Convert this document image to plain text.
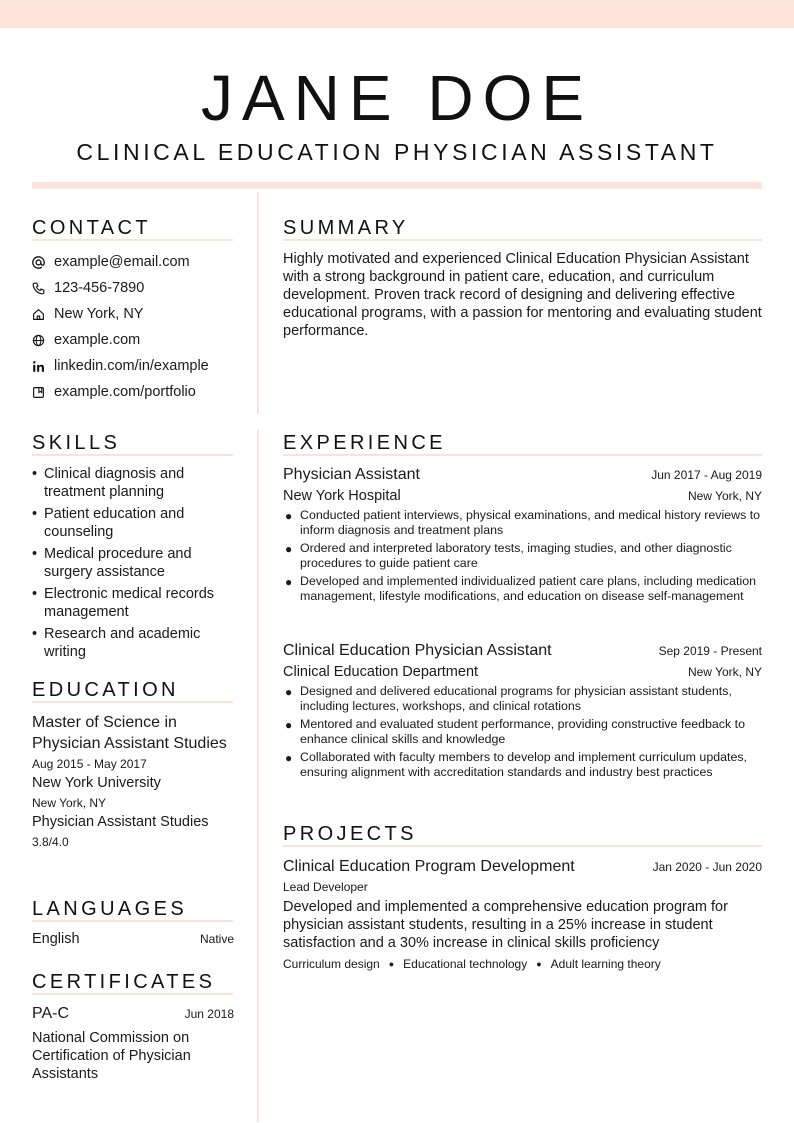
JANE DOE
CLINICAL EDUCATION PHYSICIAN ASSISTANT
CONTACT
example@email.com
123-456-7890
New York, NY
example.com
linkedin.com/in/example
example.com/portfolio
SUMMARY

Highly motivated and experienced Clinical Education Physician Assistant with a strong background in patient care, education, and curriculum development. Proven track record of designing and delivering effective educational programs, with a passion for mentoring and evaluating student performance.

SKILLS
• Clinical diagnosis and treatment planning
• Patient education and counseling
• Medical procedure and surgery assistance
• Electronic medical records management
• Research and academic writing
EDUCATION
Master of Science in Physician Assistant Studies
Aug 2015 - May 2017
New York University
New York, NY
Physician Assistant Studies
3.8/4.0
LANGUAGES
English	Native
CERTIFICATES
PA-C	Jun 2018
National Commission on Certification of Physician Assistants
EXPERIENCE
Physician Assistant	Jun 2017 - Aug 2019
New York Hospital	New York, NY
● Conducted patient interviews, physical examinations, and medical history reviews to inform diagnosis and treatment plans
● Ordered and interpreted laboratory tests, imaging studies, and other diagnostic procedures to guide patient care
● Developed and implemented individualized patient care plans, including medication management, lifestyle modifications, and education on disease self-management
Clinical Education Physician Assistant	Sep 2019 - Present
Clinical Education Department	New York, NY
● Designed and delivered educational programs for physician assistant students, including lectures, workshops, and clinical rotations
● Mentored and evaluated student performance, providing constructive feedback to enhance clinical skills and knowledge
● Collaborated with faculty members to develop and implement curriculum updates, ensuring alignment with accreditation standards and industry best practices
PROJECTS
Clinical Education Program Development	Jan 2020 - Jun 2020
Lead Developer
Developed and implemented a comprehensive education program for physician assistant students, resulting in a 25% increase in student satisfaction and a 30% increase in clinical skills proficiency
Curriculum design	● Educational technology	● Adult learning theory
